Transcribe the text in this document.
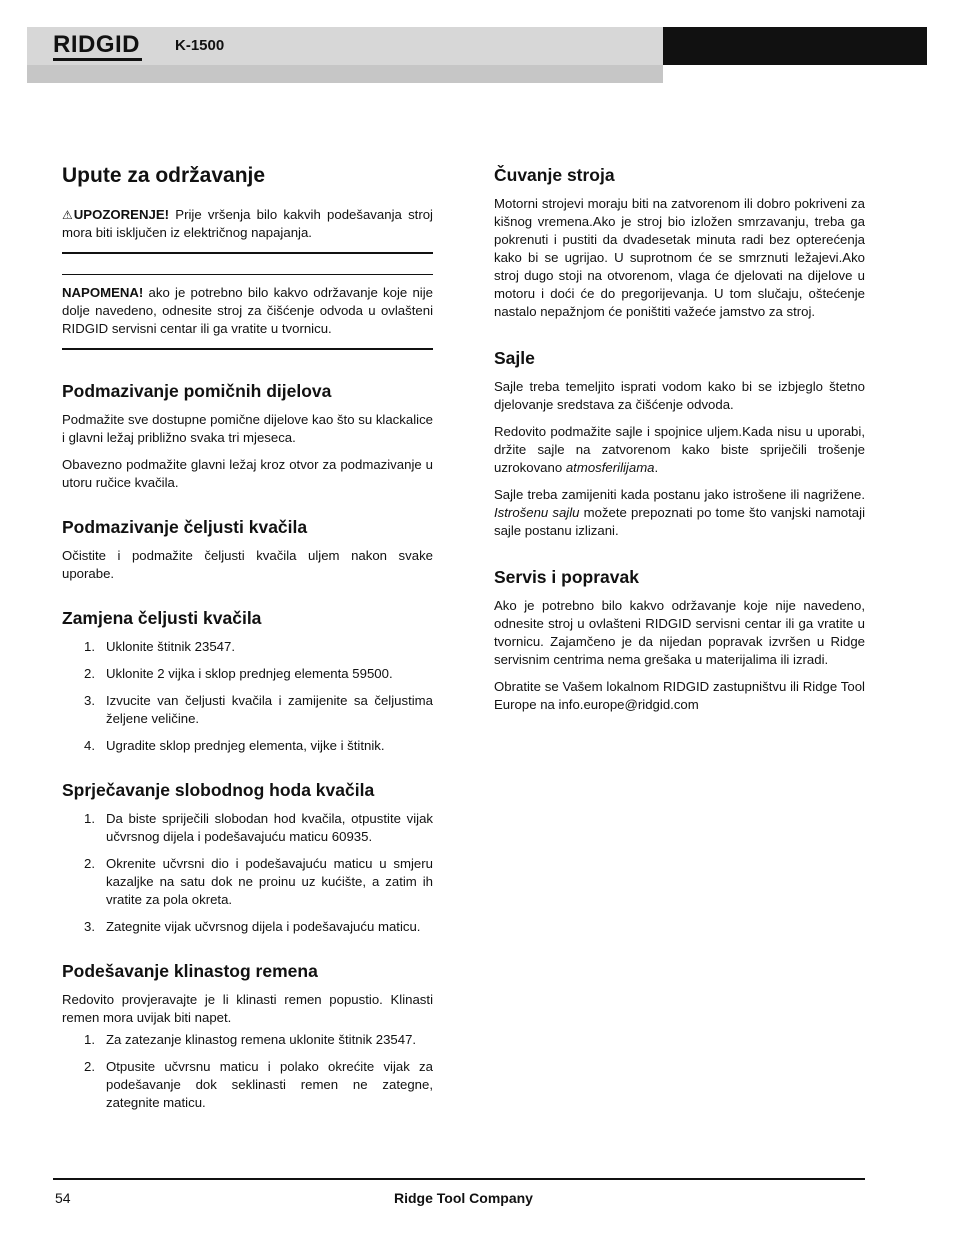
RIDGID K-1500
Upute za održavanje

⚠UPOZORENJE! Prije vršenja bilo kakvih podešavanja stroj mora biti isključen iz električnog napajanja.

NAPOMENA! ako je potrebno bilo kakvo održavanje koje nije dolje navedeno, odnesite stroj za čišćenje odvoda u ovlašteni RIDGID servisni centar ili ga vratite u tvornicu.

Podmazivanje pomičnih dijelova

Podmažite sve dostupne pomične dijelove kao što su klackalice i glavni ležaj približno svaka tri mjeseca.

Obavezno podmažite glavni ležaj kroz otvor za podmazivanje u utoru ručice kvačila.

Podmazivanje čeljusti kvačila

Očistite i podmažite čeljusti kvačila uljem nakon svake uporabe.

Zamjena čeljusti kvačila
1. Uklonite štitnik 23547.
2. Uklonite 2 vijka i sklop prednjeg elementa 59500.
3. Izvucite van čeljusti kvačila i zamijenite sa čeljustima željene veličine.
4. Ugradite sklop prednjeg elementa, vijke i štitnik.
Sprječavanje slobodnog hoda kvačila
1. Da biste spriječili slobodan hod kvačila, otpustite vijak učvrsnog dijela i podešavajuću maticu 60935.
2. Okrenite učvrsni dio i podešavajuću maticu u smjeru kazaljke na satu dok ne proinu uz kućište, a zatim ih vratite za pola okreta.
3. Zategnite vijak učvrsnog dijela i podešavajuću maticu.
Podešavanje klinastog remena

Redovito provjeravajte je li klinasti remen popustio. Klinasti remen mora uvijak biti napet.

1. Za zatezanje klinastog remena uklonite štitnik 23547.
2. Otpusite učvrsnu maticu i polako okrećite vijak za podešavanje dok seklinasti remen ne zategne, zategnite maticu.
Čuvanje stroja

Motorni strojevi moraju biti na zatvorenom ili dobro pokriveni za kišnog vremena.Ako je stroj bio izložen smrzavanju, treba ga pokrenuti i pustiti da dvadesetak minuta radi bez opterećenja kako bi se ugrijao. U suprotnom će se smrznuti ležajevi.Ako stroj dugo stoji na otvorenom, vlaga će djelovati na dijelove u motoru i doći će do pregorijevanja. U tom slučaju, oštećenje nastalo nepažnjom će poništiti važeće jamstvo za stroj.

Sajle

Sajle treba temeljito isprati vodom kako bi se izbjeglo štetno djelovanje sredstava za čišćenje odvoda.

Redovito podmažite sajle i spojnice uljem.Kada nisu u uporabi, držite sajle na zatvorenom kako biste spriječili trošenje uzrokovano atmosferilijama.

Sajle treba zamijeniti kada postanu jako istrošene ili nagrižene. Istrošenu sajlu možete prepoznati po tome što vanjski namotaji sajle postanu izlizani.

Servis i popravak

Ako je potrebno bilo kakvo održavanje koje nije navedeno, odnesite stroj u ovlašteni RIDGID servisni centar ili ga vratite u tvornicu. Zajamčeno je da nijedan popravak izvršen u Ridge servisnim centrima nema grešaka u materijalima ili izradi.

Obratite se Vašem lokalnom RIDGID zastupništvu ili Ridge Tool Europe na info.europe@ridgid.com

54	Ridge Tool Company
